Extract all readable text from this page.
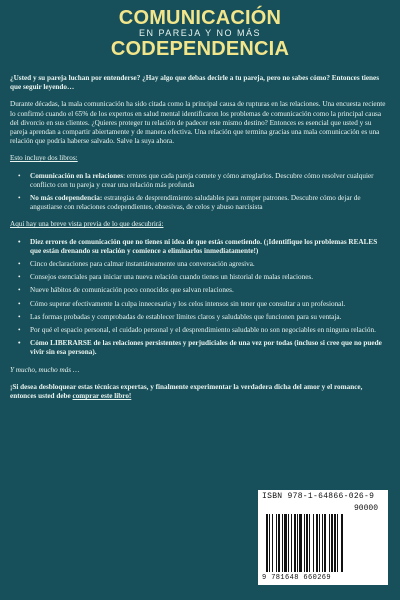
COMUNICACIÓN
EN PAREJA Y NO MÁS
CODEPENDENCIA

¿Usted y su pareja luchan por entenderse? ¿Hay algo que debas decirle a tu pareja, pero no sabes cómo? Entonces tienes que seguir leyendo…

Durante décadas, la mala comunicación ha sido citada como la principal causa de rupturas en las relaciones. Una encuesta reciente lo confirmó cuando el 65% de los expertos en salud mental identificaron los problemas de comunicación como la principal causa del divorcio en sus clientes. ¿Quieres proteger tu relación de padecer este mismo destino? Entonces es esencial que usted y su pareja aprendan a compartir abiertamente y de manera efectiva. Una relación que termina gracias una mala comunicación es una relación que podría haberse salvado. Salve la suya ahora.

Esto incluye dos libros:

• Comunicación en la relaciones: errores que cada pareja comete y cómo arreglarlos. Descubre cómo resolver cualquier conflicto con tu pareja y crear una relación más profunda
• No más codependencia: estrategias de desprendimiento saludables para romper patrones. Descubre cómo dejar de angustiarse con relaciones codependientes, obsesivas, de celos y abuso narcisista

Aquí hay una breve vista previa de lo que descubrirá:

• Diez errores de comunicación que no tienes ni idea de que estás cometiendo. (¡Identifique los problemas REALES que están drenando su relación y comience a eliminarlos inmediatamente!)
• Cinco declaraciones para calmar instantáneamente una conversación agresiva.
• Consejos esenciales para iniciar una nueva relación cuando tienes un historial de malas relaciones.
• Nueve hábitos de comunicación poco conocidos que salvan relaciones.
• Cómo superar efectivamente la culpa innecesaria y los celos intensos sin tener que consultar a un profesional.
• Las formas probadas y comprobadas de establecer límites claros y saludables que funcionen para su ventaja.
• Por qué el espacio personal, el cuidado personal y el desprendimiento saludable no son negociables en ninguna relación.
• Cómo LIBERARSE de las relaciones persistentes y perjudiciales de una vez por todas (incluso si cree que no puede vivir sin esa persona).

Y mucho, mucho más …

¡Si desea desbloquear estas técnicas expertas, y finalmente experimentar la verdadera dicha del amor y el romance, entonces usted debe comprar este libro!

ISBN 978-1-64866-026-9
90000
9 781648 660269
